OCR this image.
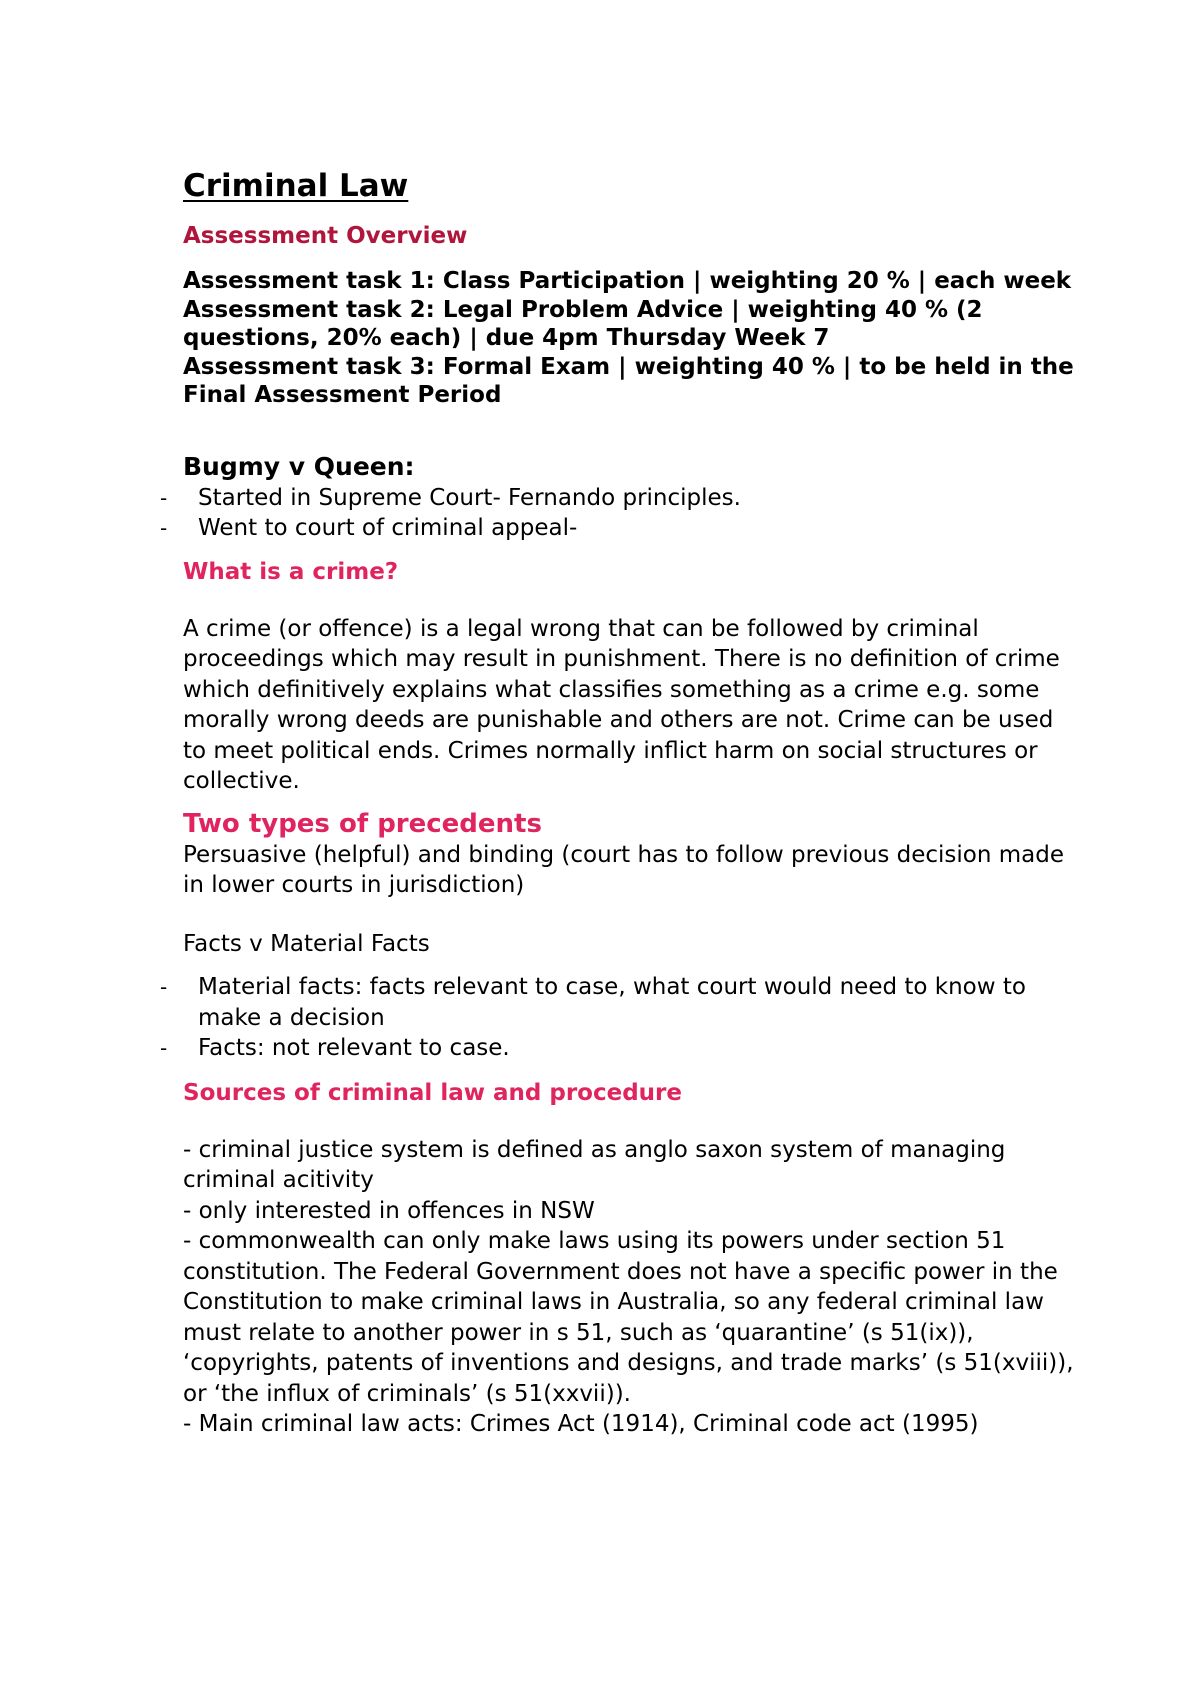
Criminal Law
Assessment Overview

Assessment task 1: Class Participation | weighting 20 % | each week

Assessment task 2: Legal Problem Advice | weighting 40 % (2 questions, 20% each) | due 4pm Thursday Week 7

Assessment task 3: Formal Exam | weighting 40 % | to be held in the Final Assessment Period

Bugmy v Queen:
- Started in Supreme Court- Fernando principles.
- Went to court of criminal appeal-
What is a crime?

A crime (or offence) is a legal wrong that can be followed by criminal proceedings which may result in punishment. There is no definition of crime which definitively explains what classifies something as a crime e.g. some morally wrong deeds are punishable and others are not. Crime can be used to meet political ends. Crimes normally inflict harm on social structures or collective.

Two types of precedents

Persuasive (helpful) and binding (court has to follow previous decision made in lower courts in jurisdiction)

Facts v Material Facts

- Material facts: facts relevant to case, what court would need to know to make a decision
- Facts: not relevant to case.
Sources of criminal law and procedure

- criminal justice system is defined as anglo saxon system of managing criminal acitivity

- only interested in offences in NSW

- commonwealth can only make laws using its powers under section 51 constitution. The Federal Government does not have a specific power in the Constitution to make criminal laws in Australia, so any federal criminal law must relate to another power in s 51, such as ‘quarantine’ (s 51(ix)), ‘copyrights, patents of inventions and designs, and trade marks’ (s 51(xviii)), or ‘the influx of criminals’ (s 51(xxvii)).

- Main criminal law acts: Crimes Act (1914), Criminal code act (1995)
